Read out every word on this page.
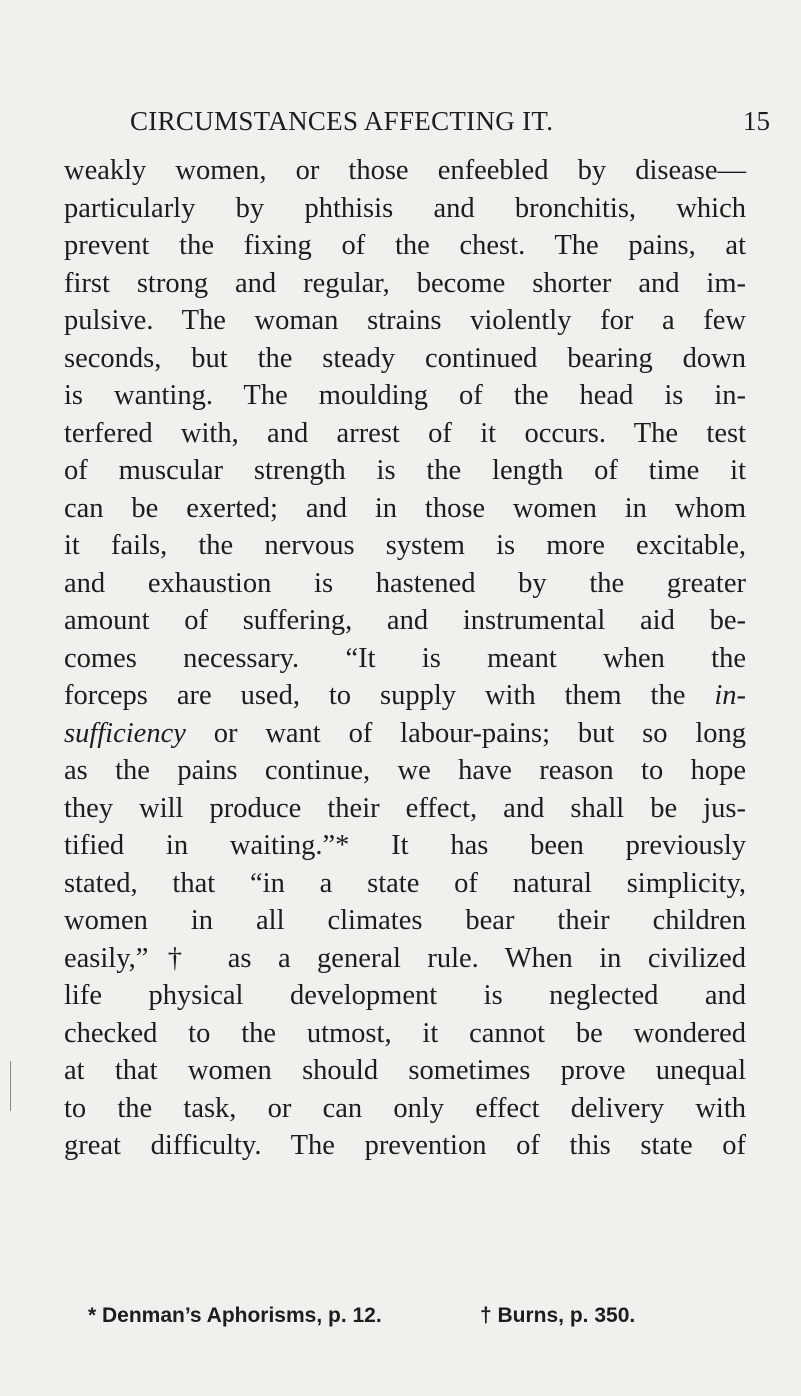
CIRCUMSTANCES AFFECTING IT.	15
weakly women, or those enfeebled by disease—
particularly by phthisis and bronchitis, which
prevent the fixing of the chest. The pains, at
first strong and regular, become shorter and im-
pulsive. The woman strains violently for a few
seconds, but the steady continued bearing down
is wanting. The moulding of the head is in-
terfered with, and arrest of it occurs. The test
of muscular strength is the length of time it
can be exerted; and in those women in whom
it fails, the nervous system is more excitable,
and exhaustion is hastened by the greater
amount of suffering, and instrumental aid be-
comes necessary. “It is meant when the
forceps are used, to supply with them the in-
sufficiency or want of labour-pains; but so long
as the pains continue, we have reason to hope
they will produce their effect, and shall be jus-
tified in waiting.”* It has been previously
stated, that “in a state of natural simplicity,
women in all climates bear their children
easily,”† as a general rule. When in civilized
life physical development is neglected and
checked to the utmost, it cannot be wondered
at that women should sometimes prove unequal
to the task, or can only effect delivery with
great difficulty. The prevention of this state of
* Denman’s Aphorisms, p. 12.	† Burns, p. 350.
